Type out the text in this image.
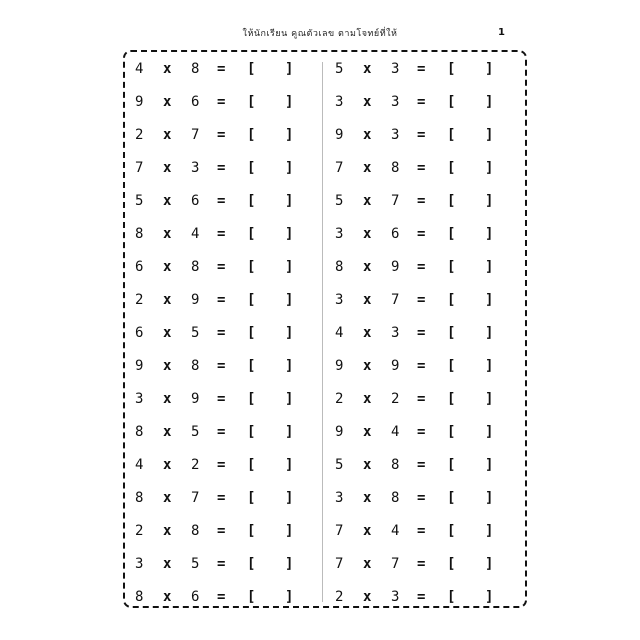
ให้นักเรียน คูณตัวเลข ตามโจทย์ที่ให้	1
4 x 8 = [ ]
9 x 6 = [ ]
2 x 7 = [ ]
7 x 3 = [ ]
5 x 6 = [ ]
8 x 4 = [ ]
6 x 8 = [ ]
2 x 9 = [ ]
6 x 5 = [ ]
9 x 8 = [ ]
3 x 9 = [ ]
8 x 5 = [ ]
4 x 2 = [ ]
8 x 7 = [ ]
2 x 8 = [ ]
3 x 5 = [ ]
8 x 6 = [ ]
5 x 3 = [ ]
3 x 3 = [ ]
9 x 3 = [ ]
7 x 8 = [ ]
5 x 7 = [ ]
3 x 6 = [ ]
8 x 9 = [ ]
3 x 7 = [ ]
4 x 3 = [ ]
9 x 9 = [ ]
2 x 2 = [ ]
9 x 4 = [ ]
5 x 8 = [ ]
3 x 8 = [ ]
7 x 4 = [ ]
7 x 7 = [ ]
2 x 3 = [ ]
